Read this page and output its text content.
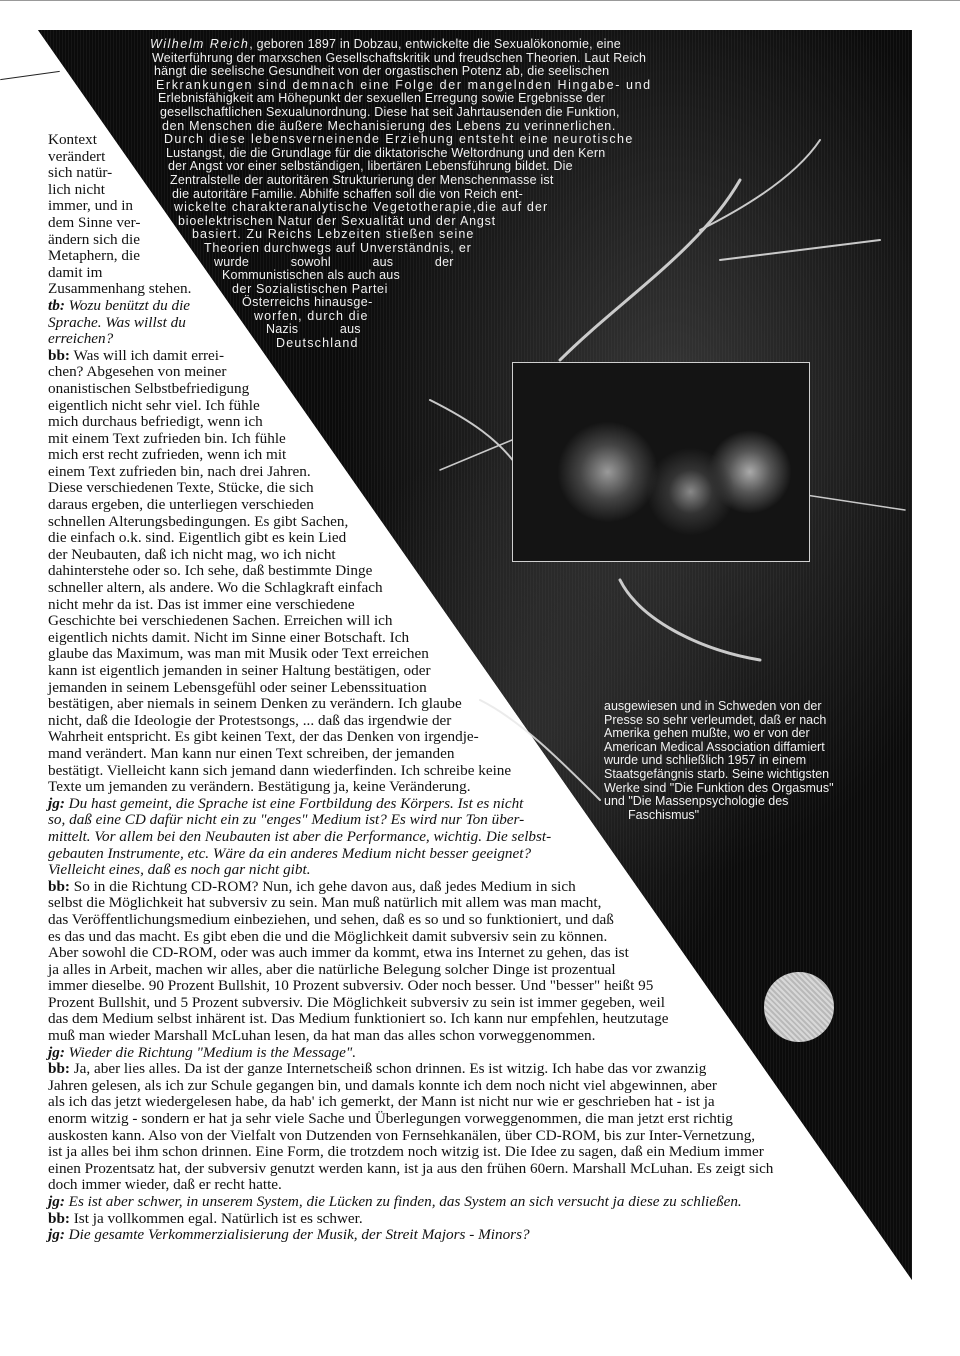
Wilhelm Reich, geboren 1897 in Dobzau, entwickelte die Sexualökonomie, eine
Weiterführung der marxschen Gesellschaftskritik und freudschen Theorien. Laut Reich
hängt die seelische Gesundheit von der orgastischen Potenz ab, die seelischen
Erkrankungen sind demnach eine Folge der mangelnden Hingabe- und
Erlebnisfähigkeit am Höhepunkt der sexuellen Erregung sowie Ergebnisse der
gesellschaftlichen Sexualunordnung. Diese hat seit Jahrtausenden die Funktion,
den Menschen die äußere Mechanisierung des Lebens zu verinnerlichen.
Durch diese lebensverneinende Erziehung entsteht eine neurotische
Lustangst, die die Grundlage für die diktatorische Weltordnung und den Kern
der Angst vor einer selbständigen, libertären Lebensführung bildet. Die
Zentralstelle der autoritären Strukturierung der Menschenmasse ist
die autoritäre Familie. Abhilfe schaffen soll die von Reich ent-
wickelte charakteranalytische Vegetotherapie,die auf der
bioelektrischen Natur der Sexualität und der Angst
basiert. Zu Reichs Lebzeiten stießen seine
Theorien durchwegs auf Unverständnis, er
wurde sowohl aus der
Kommunistischen als auch aus
der Sozialistischen Partei
Österreichs hinausge-
worfen, durch die
Nazis aus
Deutschland
ausgewiesen und in Schweden von der
Presse so sehr verleumdet, daß er nach
Amerika gehen mußte, wo er von der
American Medical Association diffamiert
wurde und schließlich 1957 in einem
Staatsgefängnis starb. Seine wichtigsten
Werke sind "Die Funktion des Orgasmus"
und "Die Massenpsychologie des
Faschismus"
Kontext
verändert
sich natür-
lich nicht
immer, und in
dem Sinne ver-
ändern sich die
Metaphern, die
damit im
Zusammenhang stehen.
tb: Wozu benützt du die
Sprache. Was willst du
erreichen?
bb: Was will ich damit errei-
chen? Abgesehen von meiner
onanistischen Selbstbefriedigung
eigentlich nicht sehr viel. Ich fühle
mich durchaus befriedigt, wenn ich
mit einem Text zufrieden bin. Ich fühle
mich erst recht zufrieden, wenn ich mit
einem Text zufrieden bin, nach drei Jahren.
Diese verschiedenen Texte, Stücke, die sich
daraus ergeben, die unterliegen verschieden
schnellen Alterungsbedingungen. Es gibt Sachen,
die einfach o.k. sind. Eigentlich gibt es kein Lied
der Neubauten, daß ich nicht mag, wo ich nicht
dahinterstehe oder so. Ich sehe, daß bestimmte Dinge
schneller altern, als andere. Wo die Schlagkraft einfach
nicht mehr da ist. Das ist immer eine verschiedene
Geschichte bei verschiedenen Sachen. Erreichen will ich
eigentlich nichts damit. Nicht im Sinne einer Botschaft. Ich
glaube das Maximum, was man mit Musik oder Text erreichen
kann ist eigentlich jemanden in seiner Haltung bestätigen, oder
jemanden in seinem Lebensgefühl oder seiner Lebenssituation
bestätigen, aber niemals in seinem Denken zu verändern. Ich glaube
nicht, daß die Ideologie der Protestsongs, ... daß das irgendwie der
Wahrheit entspricht. Es gibt keinen Text, der das Denken von irgendje-
mand verändert. Man kann nur einen Text schreiben, der jemanden
bestätigt. Vielleicht kann sich jemand dann wiederfinden. Ich schreibe keine
Texte um jemanden zu verändern. Bestätigung ja, keine Veränderung.
jg: Du hast gemeint, die Sprache ist eine Fortbildung des Körpers. Ist es nicht
so, daß eine CD dafür nicht ein zu "enges" Medium ist? Es wird nur Ton über-
mittelt. Vor allem bei den Neubauten ist aber die Performance, wichtig. Die selbst-
gebauten Instrumente, etc. Wäre da ein anderes Medium nicht besser geeignet?
Vielleicht eines, daß es noch gar nicht gibt.
bb: So in die Richtung CD-ROM? Nun, ich gehe davon aus, daß jedes Medium in sich
selbst die Möglichkeit hat subversiv zu sein. Man muß natürlich mit allem was man macht,
das Veröffentlichungsmedium einbeziehen, und sehen, daß es so und so funktioniert, und daß
es das und das macht. Es gibt eben die und die Möglichkeit damit subversiv sein zu können.
Aber sowohl die CD-ROM, oder was auch immer da kommt, etwa ins Internet zu gehen, das ist
ja alles in Arbeit, machen wir alles, aber die natürliche Belegung solcher Dinge ist prozentual
immer dieselbe. 90 Prozent Bullshit, 10 Prozent subversiv. Oder noch besser. Und "besser" heißt 95
Prozent Bullshit, und 5 Prozent subversiv. Die Möglichkeit subversiv zu sein ist immer gegeben, weil
das dem Medium selbst inhärent ist. Das Medium funktioniert so. Ich kann nur empfehlen, heutzutage
muß man wieder Marshall McLuhan lesen, da hat man das alles schon vorweggenommen.
jg: Wieder die Richtung "Medium is the Message".
bb: Ja, aber lies alles. Da ist der ganze Internetscheiß schon drinnen. Es ist witzig. Ich habe das vor zwanzig
Jahren gelesen, als ich zur Schule gegangen bin, und damals konnte ich dem noch nicht viel abgewinnen, aber
als ich das jetzt wiedergelesen habe, da hab' ich gemerkt, der Mann ist nicht nur wie er geschrieben hat - ist ja
enorm witzig - sondern er hat ja sehr viele Sache und Überlegungen vorweggenommen, die man jetzt erst richtig
auskosten kann. Also von der Vielfalt von Dutzenden von Fernsehkanälen, über CD-ROM, bis zur Inter-Vernetzung,
ist ja alles bei ihm schon drinnen. Eine Form, die trotzdem noch witzig ist. Die Idee zu sagen, daß ein Medium immer
einen Prozentsatz hat, der subversiv genutzt werden kann, ist ja aus den frühen 60ern. Marshall McLuhan. Es zeigt sich
doch immer wieder, daß er recht hatte.
jg: Es ist aber schwer, in unserem System, die Lücken zu finden, das System an sich versucht ja diese zu schließen.
bb: Ist ja vollkommen egal. Natürlich ist es schwer.
jg: Die gesamte Verkommerzialisierung der Musik, der Streit Majors - Minors?
